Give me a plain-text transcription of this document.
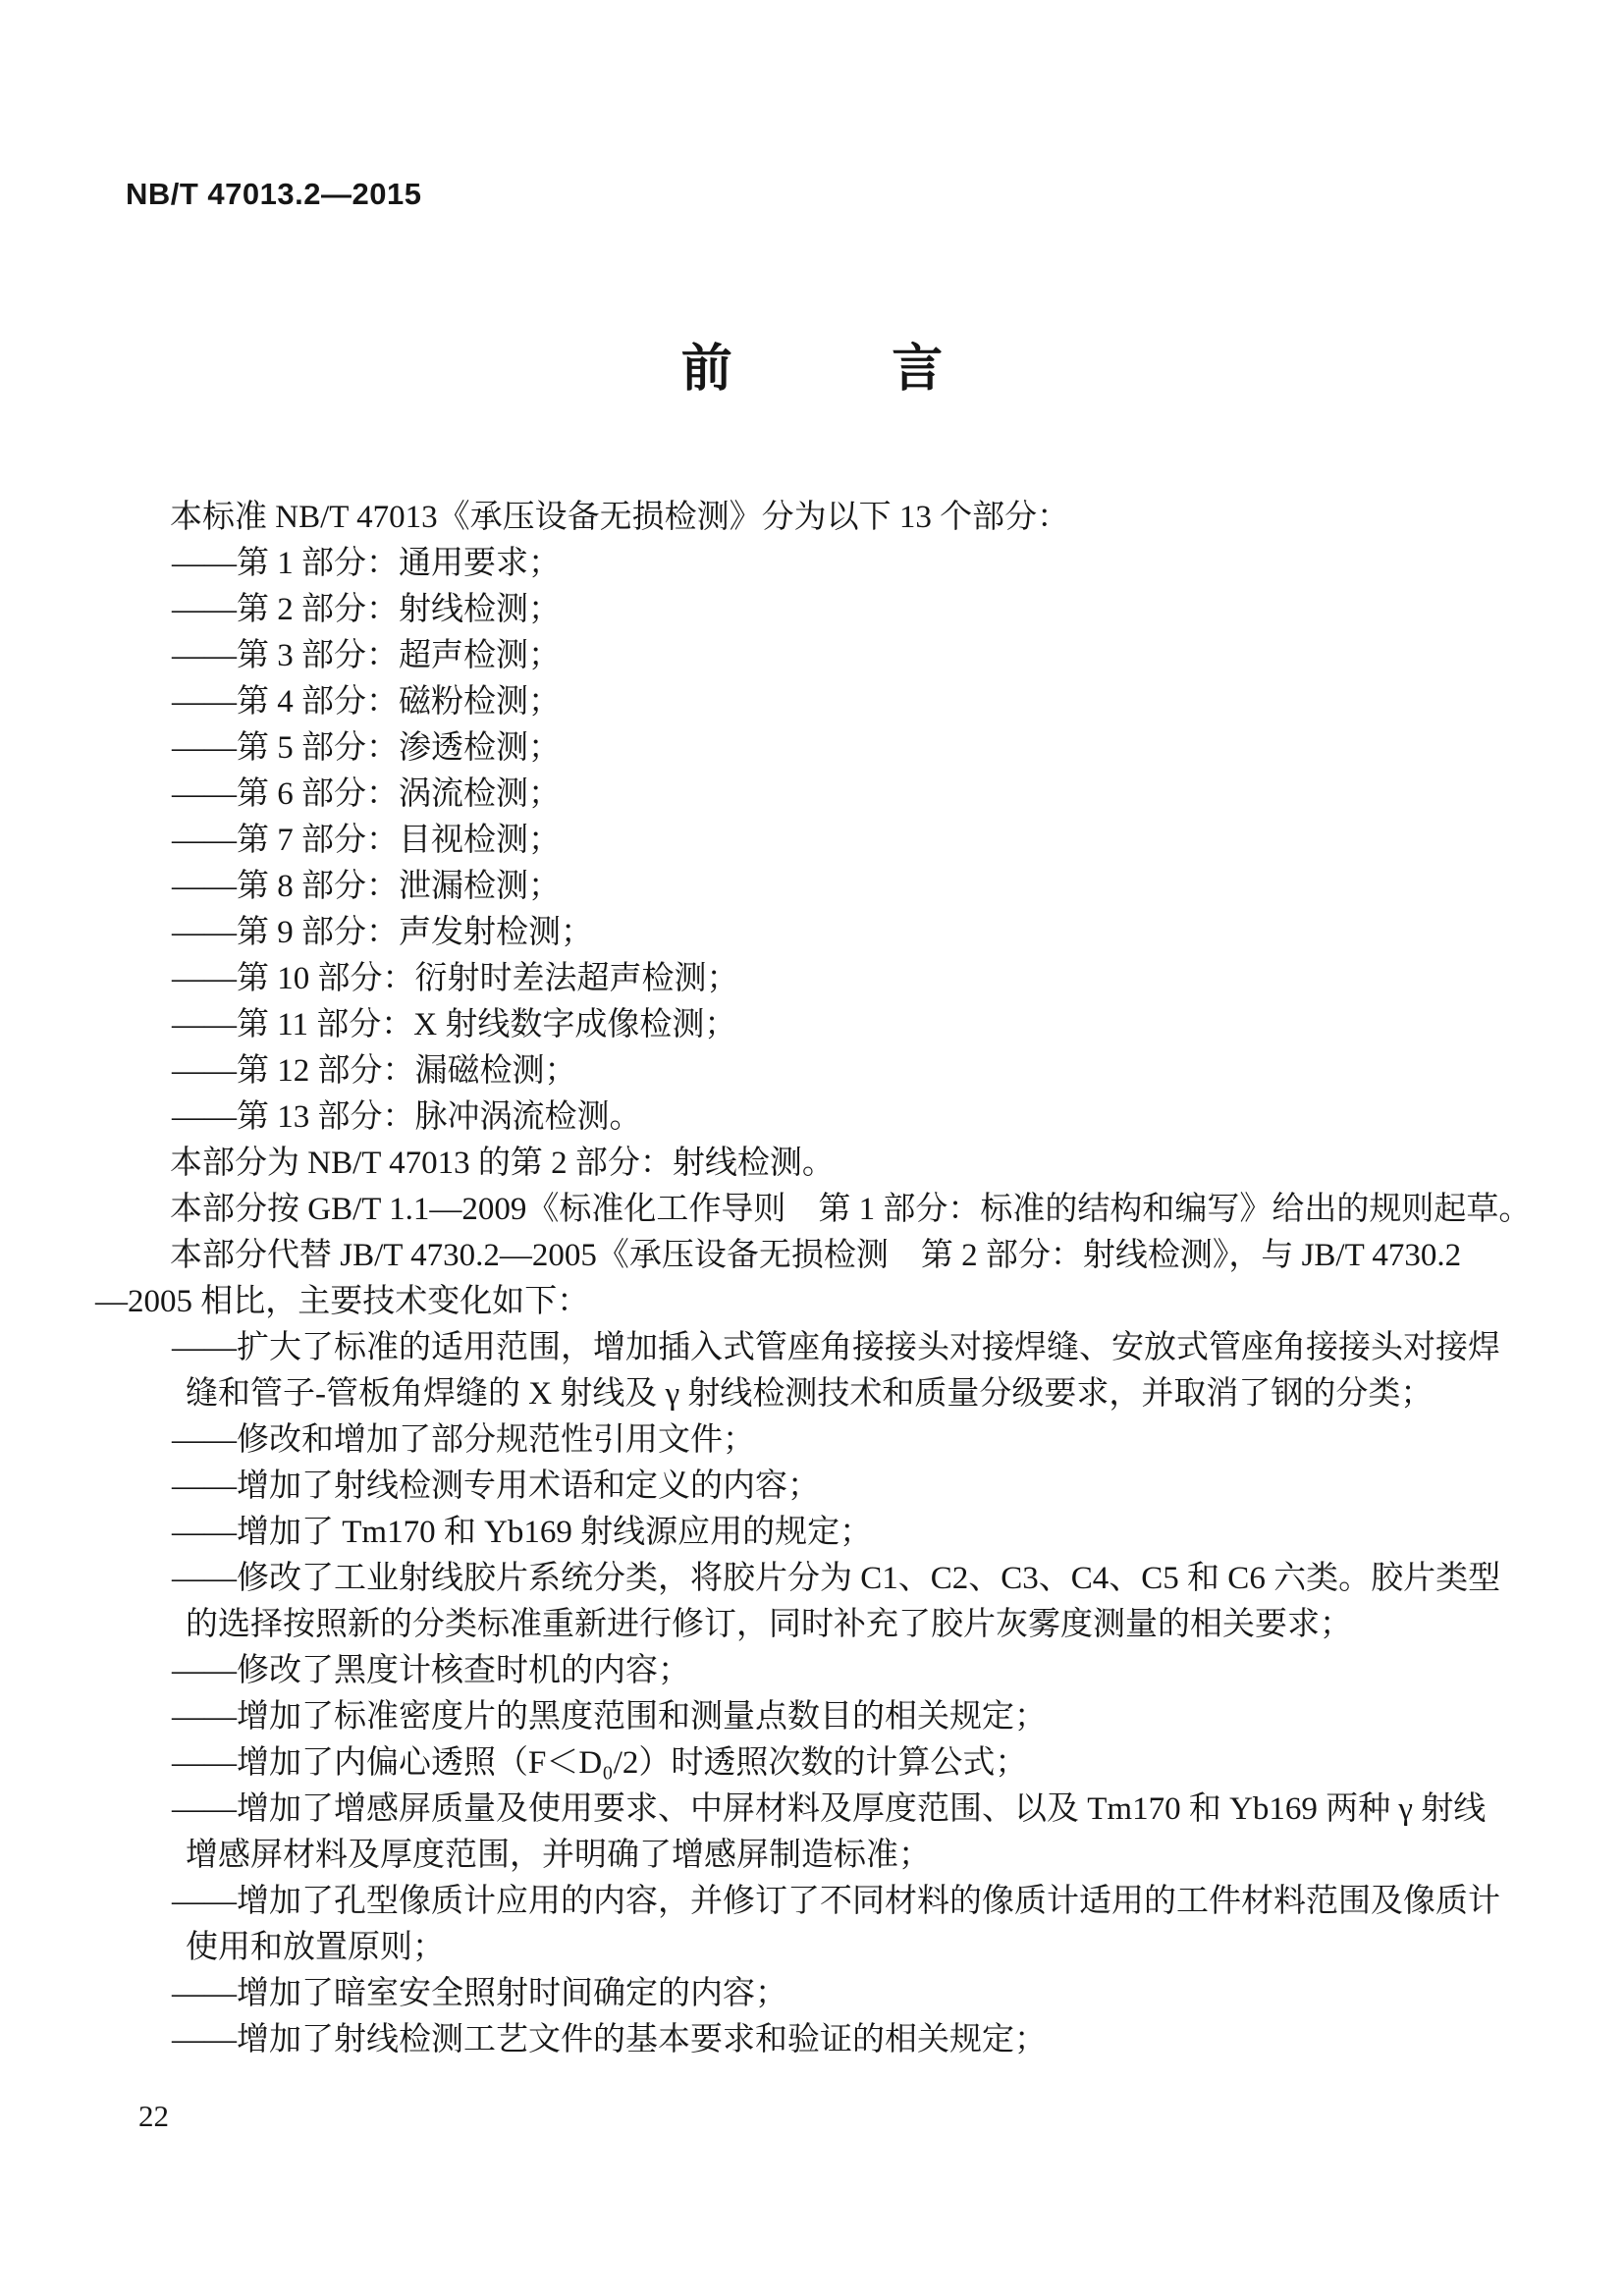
NB/T 47013.2—2015
前	言
本标准 NB/T 47013《承压设备无损检测》分为以下 13 个部分：
——第 1 部分：通用要求；
——第 2 部分：射线检测；
——第 3 部分：超声检测；
——第 4 部分：磁粉检测；
——第 5 部分：渗透检测；
——第 6 部分：涡流检测；
——第 7 部分：目视检测；
——第 8 部分：泄漏检测；
——第 9 部分：声发射检测；
——第 10 部分：衍射时差法超声检测；
——第 11 部分：X 射线数字成像检测；
——第 12 部分：漏磁检测；
——第 13 部分：脉冲涡流检测。
本部分为 NB/T 47013 的第 2 部分：射线检测。
本部分按 GB/T 1.1—2009《标准化工作导则　第 1 部分：标准的结构和编写》给出的规则起草。
本部分代替 JB/T 4730.2—2005《承压设备无损检测　第 2 部分：射线检测》，与 JB/T 4730.2
—2005 相比，主要技术变化如下：
——扩大了标准的适用范围，增加插入式管座角接接头对接焊缝、安放式管座角接接头对接焊
缝和管子-管板角焊缝的 X 射线及 γ 射线检测技术和质量分级要求，并取消了钢的分类；
——修改和增加了部分规范性引用文件；
——增加了射线检测专用术语和定义的内容；
——增加了 Tm170 和 Yb169 射线源应用的规定；
——修改了工业射线胶片系统分类，将胶片分为 C1、C2、C3、C4、C5 和 C6 六类。胶片类型
的选择按照新的分类标准重新进行修订，同时补充了胶片灰雾度测量的相关要求；
——修改了黑度计核查时机的内容；
——增加了标准密度片的黑度范围和测量点数目的相关规定；
——增加了内偏心透照（F＜D₀/2）时透照次数的计算公式；
——增加了增感屏质量及使用要求、中屏材料及厚度范围、以及 Tm170 和 Yb169 两种 γ 射线
增感屏材料及厚度范围，并明确了增感屏制造标准；
——增加了孔型像质计应用的内容，并修订了不同材料的像质计适用的工件材料范围及像质计
使用和放置原则；
——增加了暗室安全照射时间确定的内容；
——增加了射线检测工艺文件的基本要求和验证的相关规定；
22
